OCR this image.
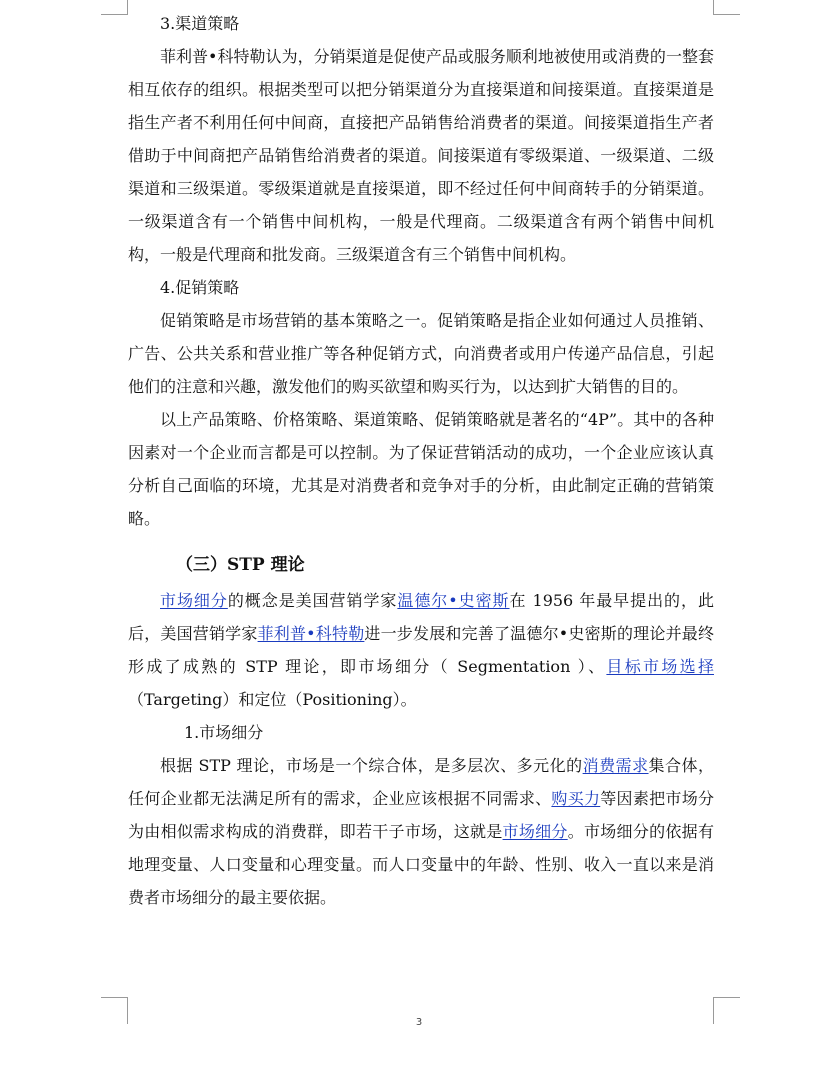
3.渠道策略

菲利普•科特勒认为，分销渠道是促使产品或服务顺利地被使用或消费的一整套相互依存的组织。根据类型可以把分销渠道分为直接渠道和间接渠道。直接渠道是指生产者不利用任何中间商，直接把产品销售给消费者的渠道。间接渠道指生产者借助于中间商把产品销售给消费者的渠道。间接渠道有零级渠道、一级渠道、二级渠道和三级渠道。零级渠道就是直接渠道，即不经过任何中间商转手的分销渠道。一级渠道含有一个销售中间机构，一般是代理商。二级渠道含有两个销售中间机构，一般是代理商和批发商。三级渠道含有三个销售中间机构。

4.促销策略

促销策略是市场营销的基本策略之一。促销策略是指企业如何通过人员推销、广告、公共关系和营业推广等各种促销方式，向消费者或用户传递产品信息，引起他们的注意和兴趣，激发他们的购买欲望和购买行为，以达到扩大销售的目的。

以上产品策略、价格策略、渠道策略、促销策略就是著名的“4P”。其中的各种因素对一个企业而言都是可以控制。为了保证营销活动的成功，一个企业应该认真分析自己面临的环境，尤其是对消费者和竞争对手的分析，由此制定正确的营销策略。

（三）STP 理论

市场细分的概念是美国营销学家温德尔•史密斯在 1956 年最早提出的，此后，美国营销学家菲利普•科特勒进一步发展和完善了温德尔•史密斯的理论并最终形成了成熟的 STP 理论，即市场细分（ Segmentation ）、目标市场选择（Targeting）和定位（Positioning）。

1.市场细分

根据 STP 理论，市场是一个综合体，是多层次、多元化的消费需求集合体，任何企业都无法满足所有的需求，企业应该根据不同需求、购买力等因素把市场分为由相似需求构成的消费群，即若干子市场，这就是市场细分。市场细分的依据有地理变量、人口变量和心理变量。而人口变量中的年龄、性别、收入一直以来是消费者市场细分的最主要依据。

3
